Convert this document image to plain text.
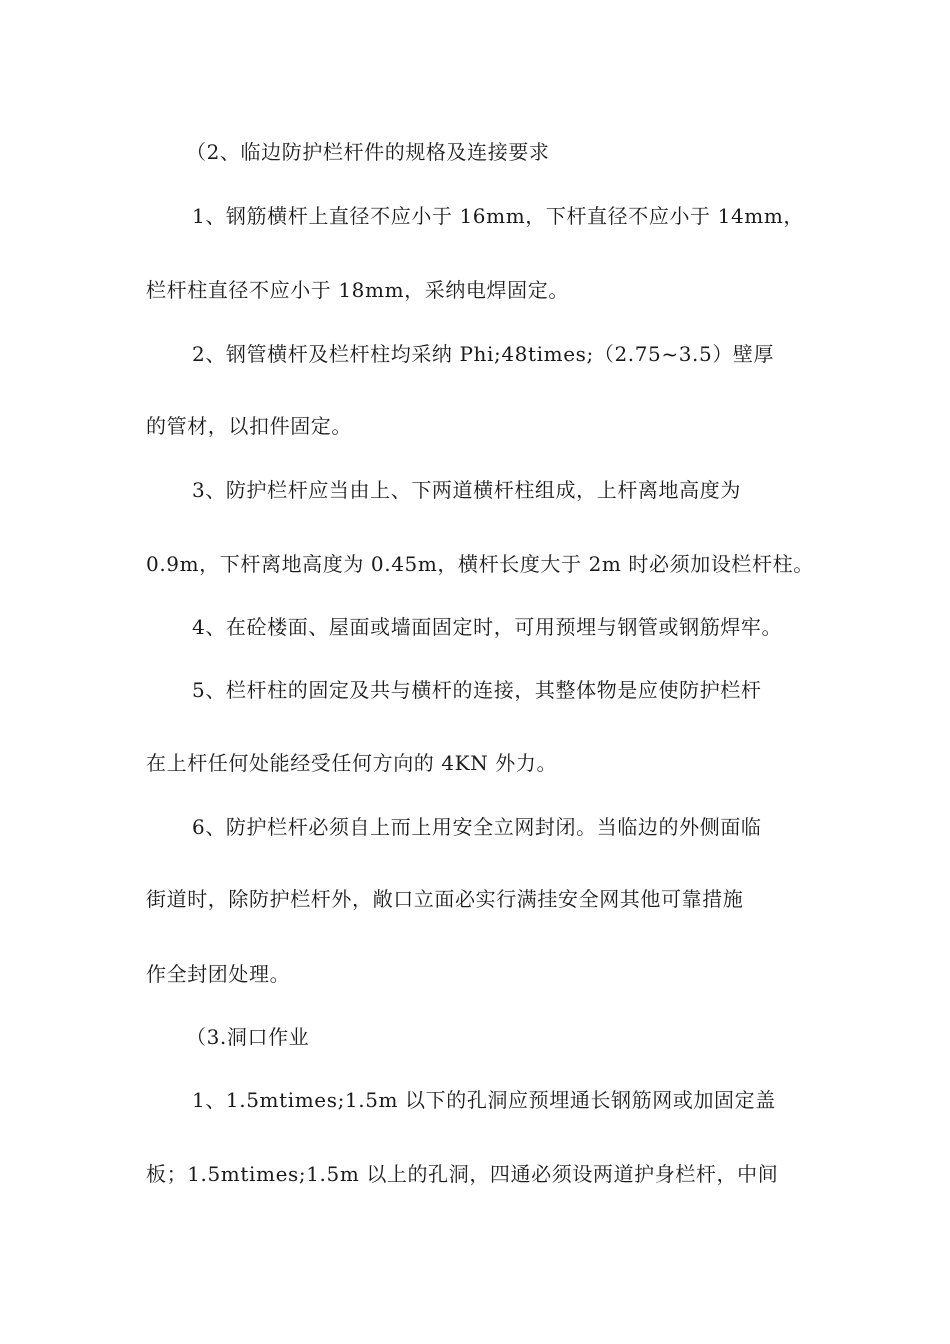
（2、临边防护栏杆件的规格及连接要求
1、钢筋横杆上直径不应小于 16mm，下杆直径不应小于 14mm，
栏杆柱直径不应小于 18mm，采纳电焊固定。
2、钢管横杆及栏杆柱均采纳 Phi;48times;（2.75~3.5）壁厚
的管材，以扣件固定。
3、防护栏杆应当由上、下两道横杆柱组成，上杆离地高度为
0.9m，下杆离地高度为 0.45m，横杆长度大于 2m 时必须加设栏杆柱。
4、在砼楼面、屋面或墙面固定时，可用预埋与钢管或钢筋焊牢。
5、栏杆柱的固定及共与横杆的连接，其整体物是应使防护栏杆
在上杆任何处能经受任何方向的 4KN 外力。
6、防护栏杆必须自上而上用安全立网封闭。当临边的外侧面临
街道时，除防护栏杆外，敞口立面必实行满挂安全网其他可靠措施
作全封团处理。
（3.洞口作业
1、1.5mtimes;1.5m 以下的孔洞应预埋通长钢筋网或加固定盖
板；1.5mtimes;1.5m 以上的孔洞，四通必须设两道护身栏杆，中间
